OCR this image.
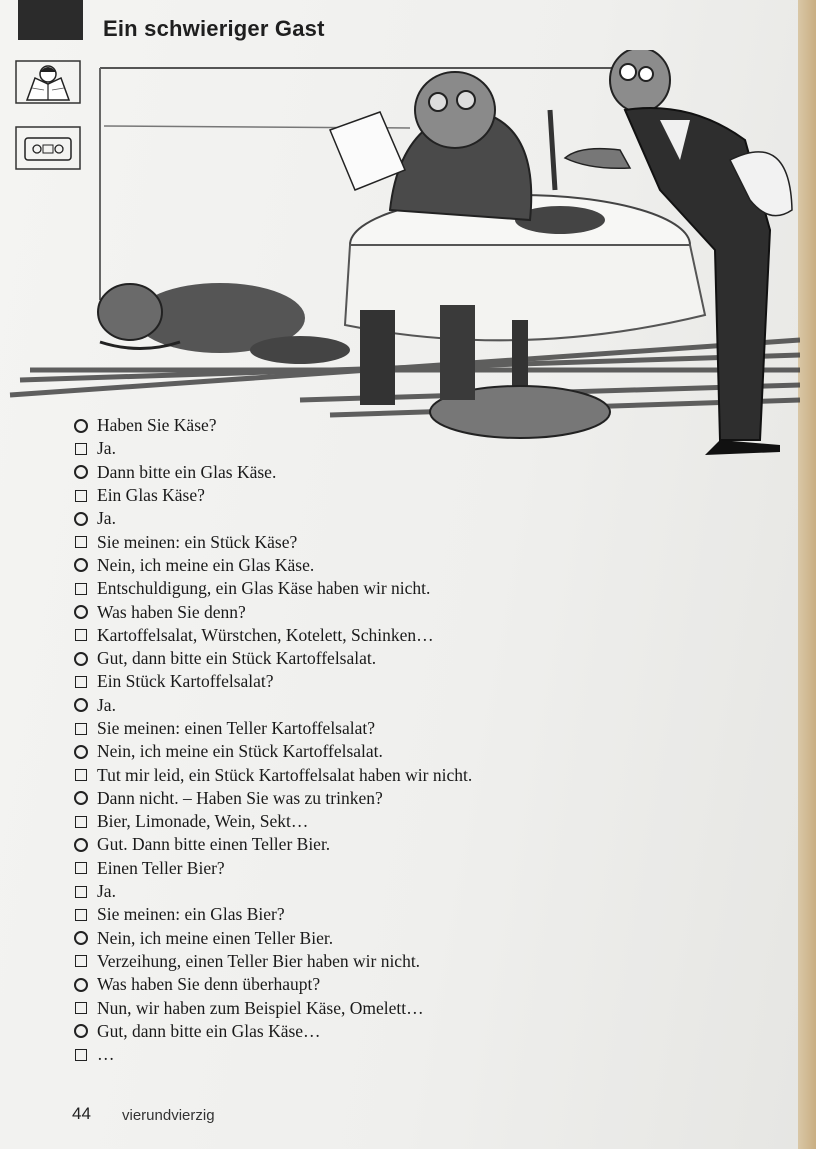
Ein schwieriger Gast
Haben Sie Käse?
Ja.
Dann bitte ein Glas Käse.
Ein Glas Käse?
Ja.
Sie meinen: ein Stück Käse?
Nein, ich meine ein Glas Käse.
Entschuldigung, ein Glas Käse haben wir nicht.
Was haben Sie denn?
Kartoffelsalat, Würstchen, Kotelett, Schinken…
Gut, dann bitte ein Stück Kartoffelsalat.
Ein Stück Kartoffelsalat?
Ja.
Sie meinen: einen Teller Kartoffelsalat?
Nein, ich meine ein Stück Kartoffelsalat.
Tut mir leid, ein Stück Kartoffelsalat haben wir nicht.
Dann nicht. – Haben Sie was zu trinken?
Bier, Limonade, Wein, Sekt…
Gut. Dann bitte einen Teller Bier.
Einen Teller Bier?
Ja.
Sie meinen: ein Glas Bier?
Nein, ich meine einen Teller Bier.
Verzeihung, einen Teller Bier haben wir nicht.
Was haben Sie denn überhaupt?
Nun, wir haben zum Beispiel Käse, Omelett…
Gut, dann bitte ein Glas Käse…
…
44 vierundvierzig
